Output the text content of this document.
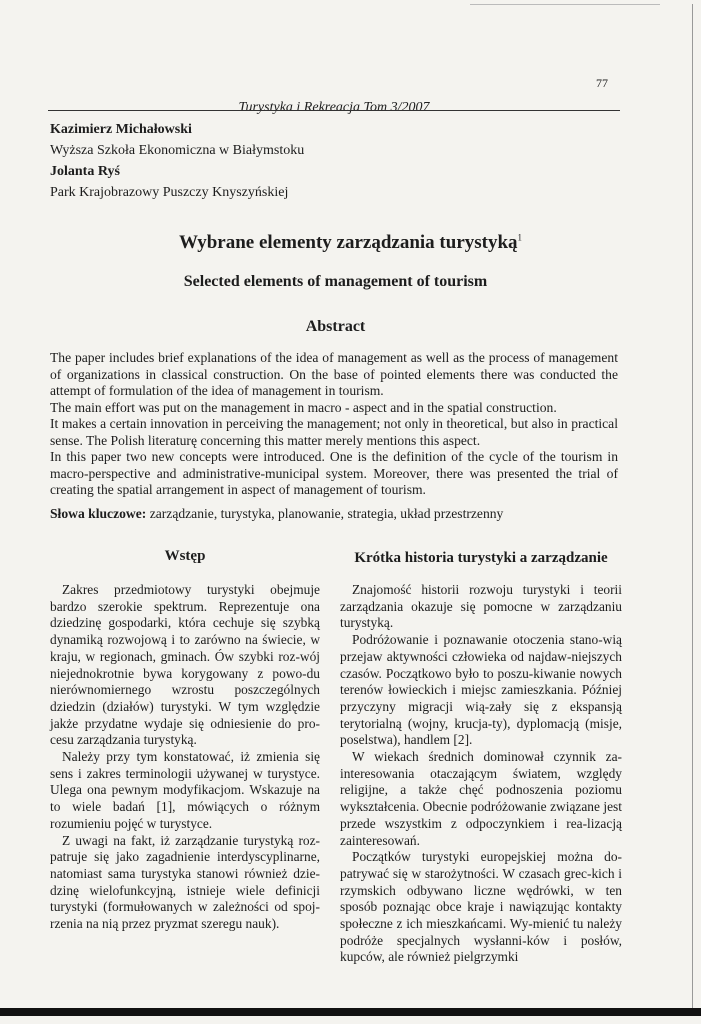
77
Turystyka i Rekreacja Tom 3/2007
Kazimierz Michałowski
Wyższa Szkoła Ekonomiczna w Białymstoku
Jolanta Ryś
Park Krajobrazowy Puszczy Knyszyńskiej
Wybrane elementy zarządzania turystyką$^1$
Selected elements of management of tourism
Abstract

The paper includes brief explanations of the idea of management as well as the process of management of organizations in classical construction. On the base of pointed elements there was conducted the attempt of formulation of the idea of management in tourism.

The main effort was put on the management in macro - aspect and in the spatial construction.

It makes a certain innovation in perceiving the management; not only in theoretical, but also in practical sense. The Polish literaturę concerning this matter merely mentions this aspect.

In this paper two new concepts were introduced. One is the definition of the cycle of the tourism in macro-perspective and administrative-municipal system. Moreover, there was presented the trial of creating the spatial arrangement in aspect of management of tourism.

Słowa kluczowe: zarządzanie, turystyka, planowanie, strategia, układ przestrzenny
Wstęp	Krótka historia turystyki a zarządzanie

Zakres przedmiotowy turystyki obejmuje bardzo szerokie spektrum. Reprezentuje ona dziedzinę gospodarki, która cechuje się szybką dynamiką rozwojową i to zarówno na świecie, w kraju, w regionach, gminach. Ów szybki roz-wój niejednokrotnie bywa korygowany z powo-du nierównomiernego wzrostu poszczególnych dziedzin (działów) turystyki. W tym względzie jakże przydatne wydaje się odniesienie do pro-cesu zarządzania turystyką.

Należy przy tym konstatować, iż zmienia się sens i zakres terminologii używanej w turystyce. Ulega ona pewnym modyfikacjom. Wskazuje na to wiele badań [1], mówiących o różnym rozumieniu pojęć w turystyce.

Z uwagi na fakt, iż zarządzanie turystyką roz-patruje się jako zagadnienie interdyscyplinarne, natomiast sama turystyka stanowi również dzie-dzinę wielofunkcyjną, istnieje wiele definicji turystyki (formułowanych w zależności od spoj-rzenia na nią przez pryzmat szeregu nauk).

Znajomość historii rozwoju turystyki i teorii zarządzania okazuje się pomocne w zarządzaniu turystyką.

Podróżowanie i poznawanie otoczenia stano-wią przejaw aktywności człowieka od najdaw-niejszych czasów. Początkowo było to poszu-kiwanie nowych terenów łowieckich i miejsc zamieszkania. Później przyczyny migracji wią-zały się z ekspansją terytorialną (wojny, krucja-ty), dyplomacją (misje, poselstwa), handlem [2].

W wiekach średnich dominował czynnik za-interesowania otaczającym światem, względy religijne, a także chęć podnoszenia poziomu wykształcenia. Obecnie podróżowanie związane jest przede wszystkim z odpoczynkiem i rea-lizacją zainteresowań.

Początków turystyki europejskiej można do-patrywać się w starożytności. W czasach grec-kich i rzymskich odbywano liczne wędrówki, w ten sposób poznając obce kraje i nawiązując kontakty społeczne z ich mieszkańcami. Wy-mienić tu należy podróże specjalnych wysłanni-ków i posłów, kupców, ale również pielgrzymki
